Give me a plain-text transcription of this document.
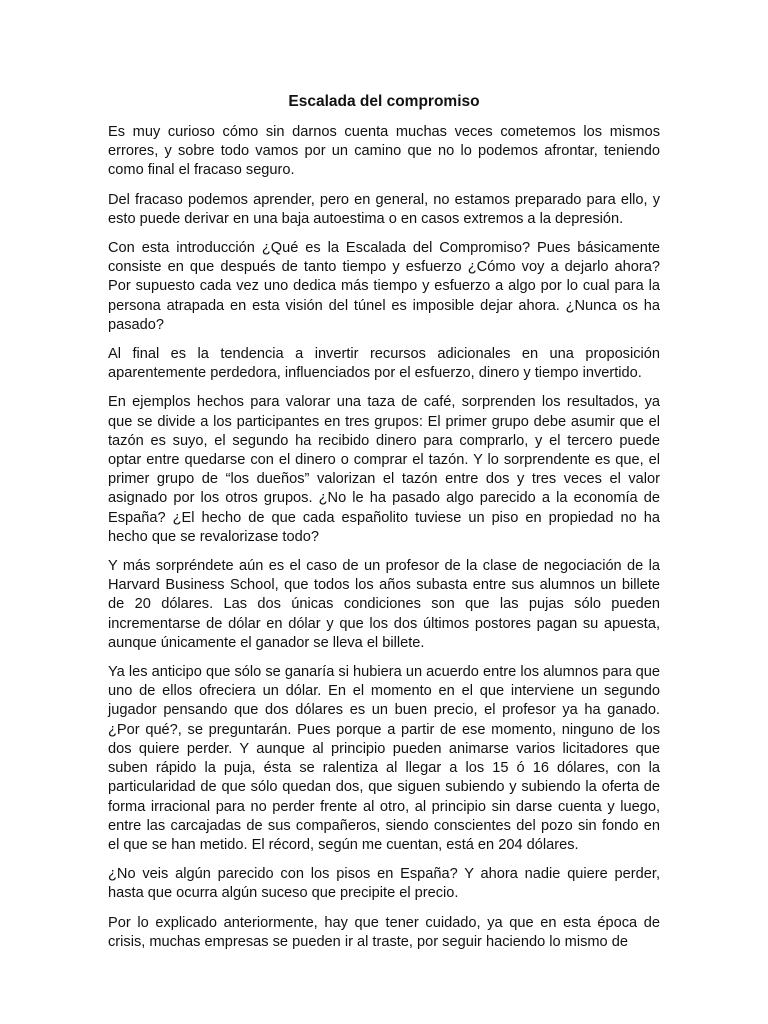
Escalada del compromiso

Es muy curioso cómo sin darnos cuenta muchas veces cometemos los mismos errores, y sobre todo vamos por un camino que no lo podemos afrontar, teniendo como final el fracaso seguro.

Del fracaso podemos aprender, pero en general, no estamos preparado para ello, y esto puede derivar en una baja autoestima o en casos extremos a la depresión.

Con esta introducción ¿Qué es la Escalada del Compromiso? Pues básicamente consiste en que después de tanto tiempo y esfuerzo ¿Cómo voy a dejarlo ahora? Por supuesto cada vez uno dedica más tiempo y esfuerzo a algo por lo cual para la persona atrapada en esta visión del túnel es imposible dejar ahora. ¿Nunca os ha pasado?

Al final es la tendencia a invertir recursos adicionales en una proposición aparentemente perdedora, influenciados por el esfuerzo, dinero y tiempo invertido.

En ejemplos hechos para valorar una taza de café, sorprenden los resultados, ya que se divide a los participantes en tres grupos: El primer grupo debe asumir que el tazón es suyo, el segundo ha recibido dinero para comprarlo, y el tercero puede optar entre quedarse con el dinero o comprar el tazón. Y lo sorprendente es que, el primer grupo de “los dueños” valorizan el tazón entre dos y tres veces el valor asignado por los otros grupos. ¿No le ha pasado algo parecido a la economía de España? ¿El hecho de que cada españolito tuviese un piso en propiedad no ha hecho que se revalorizase todo?

Y más sorpréndete aún es el caso de un profesor de la clase de negociación de la Harvard Business School, que todos los años subasta entre sus alumnos un billete de 20 dólares. Las dos únicas condiciones son que las pujas sólo pueden incrementarse de dólar en dólar y que los dos últimos postores pagan su apuesta, aunque únicamente el ganador se lleva el billete.

Ya les anticipo que sólo se ganaría si hubiera un acuerdo entre los alumnos para que uno de ellos ofreciera un dólar. En el momento en el que interviene un segundo jugador pensando que dos dólares es un buen precio, el profesor ya ha ganado. ¿Por qué?, se preguntarán. Pues porque a partir de ese momento, ninguno de los dos quiere perder. Y aunque al principio pueden animarse varios licitadores que suben rápido la puja, ésta se ralentiza al llegar a los 15 ó 16 dólares, con la particularidad de que sólo quedan dos, que siguen subiendo y subiendo la oferta de forma irracional para no perder frente al otro, al principio sin darse cuenta y luego, entre las carcajadas de sus compañeros, siendo conscientes del pozo sin fondo en el que se han metido. El récord, según me cuentan, está en 204 dólares.

¿No veis algún parecido con los pisos en España? Y ahora nadie quiere perder, hasta que ocurra algún suceso que precipite el precio.

Por lo explicado anteriormente, hay que tener cuidado, ya que en esta época de crisis, muchas empresas se pueden ir al traste, por seguir haciendo lo mismo de
